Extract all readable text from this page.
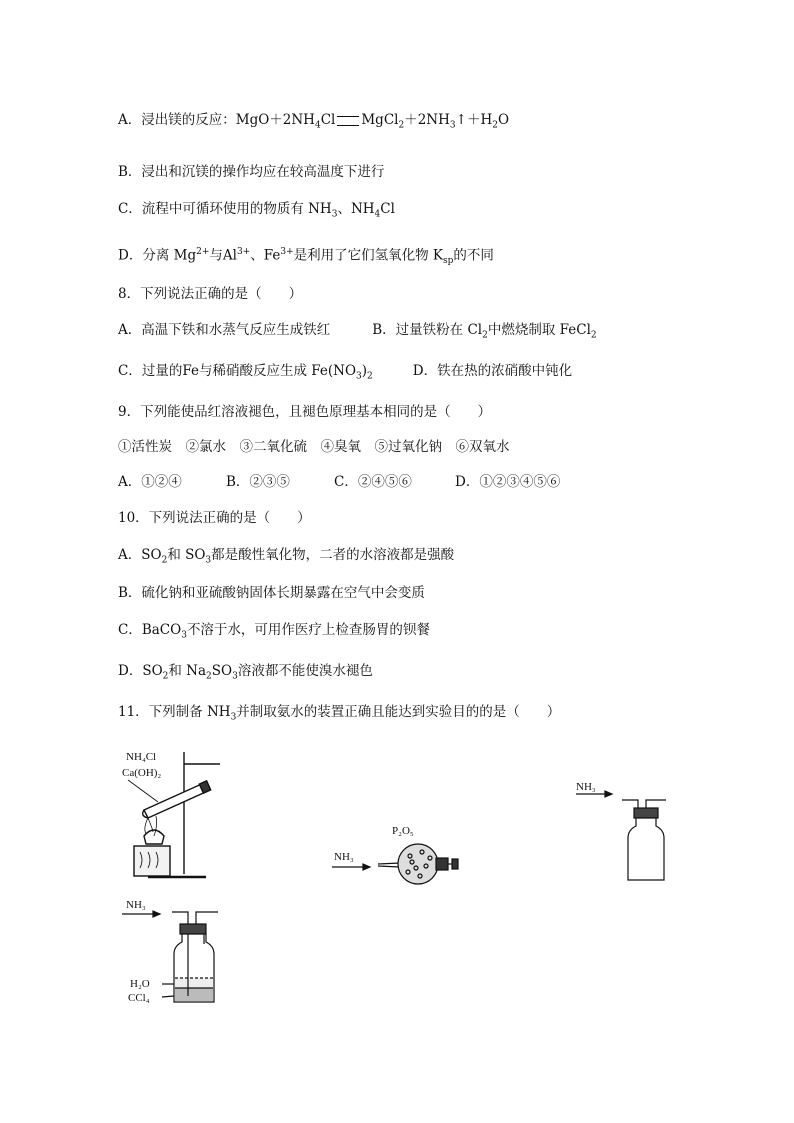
A．浸出镁的反应：$MgO+2NH_4Cl$ $MgCl_2+2NH_3↑+H_2O$
B．浸出和沉镁的操作均应在较高温度下进行
C．流程中可循环使用的物质有 $NH_3$、$NH_4Cl$
D．分离 $Mg^{2+}$与$Al^{3+}$、$Fe^{3+}$是利用了它们氢氧化物 $K_{sp}$的不同
8．下列说法正确的是（　　）
A．高温下铁和水蒸气反应生成铁红	B．过量铁粉在 $Cl_2$中燃烧制取 FeCl$_2$
C．过量的Fe与稀硝酸反应生成 $Fe(NO_3)_2$	D．铁在热的浓硝酸中钝化
9．下列能使品红溶液褪色，且褪色原理基本相同的是（　　）
①活性炭　②氯水　③二氧化硫　④臭氧　⑤过氧化钠　⑥双氧水
A．①②④	B．②③⑤	C．②④⑤⑥	D．①②③④⑤⑥
10．下列说法正确的是（　　）
A．$SO_2$和 $SO_3$都是酸性氧化物，二者的水溶液都是强酸
B．硫化钠和亚硫酸钠固体长期暴露在空气中会变质
C．BaCO$_3$不溶于水，可用作医疗上检查肠胃的钡餐
D．$SO_2$和 $Na_2SO_3$溶液都不能使溴水褪色
11．下列制备 $NH_3$并制取氨水的装置正确且能达到实验目的的是（　　）
NH₄Cl
Ca(OH)₂
P₂O₅
NH₃
NH₃
NH₃
H₂O
CCl₄
